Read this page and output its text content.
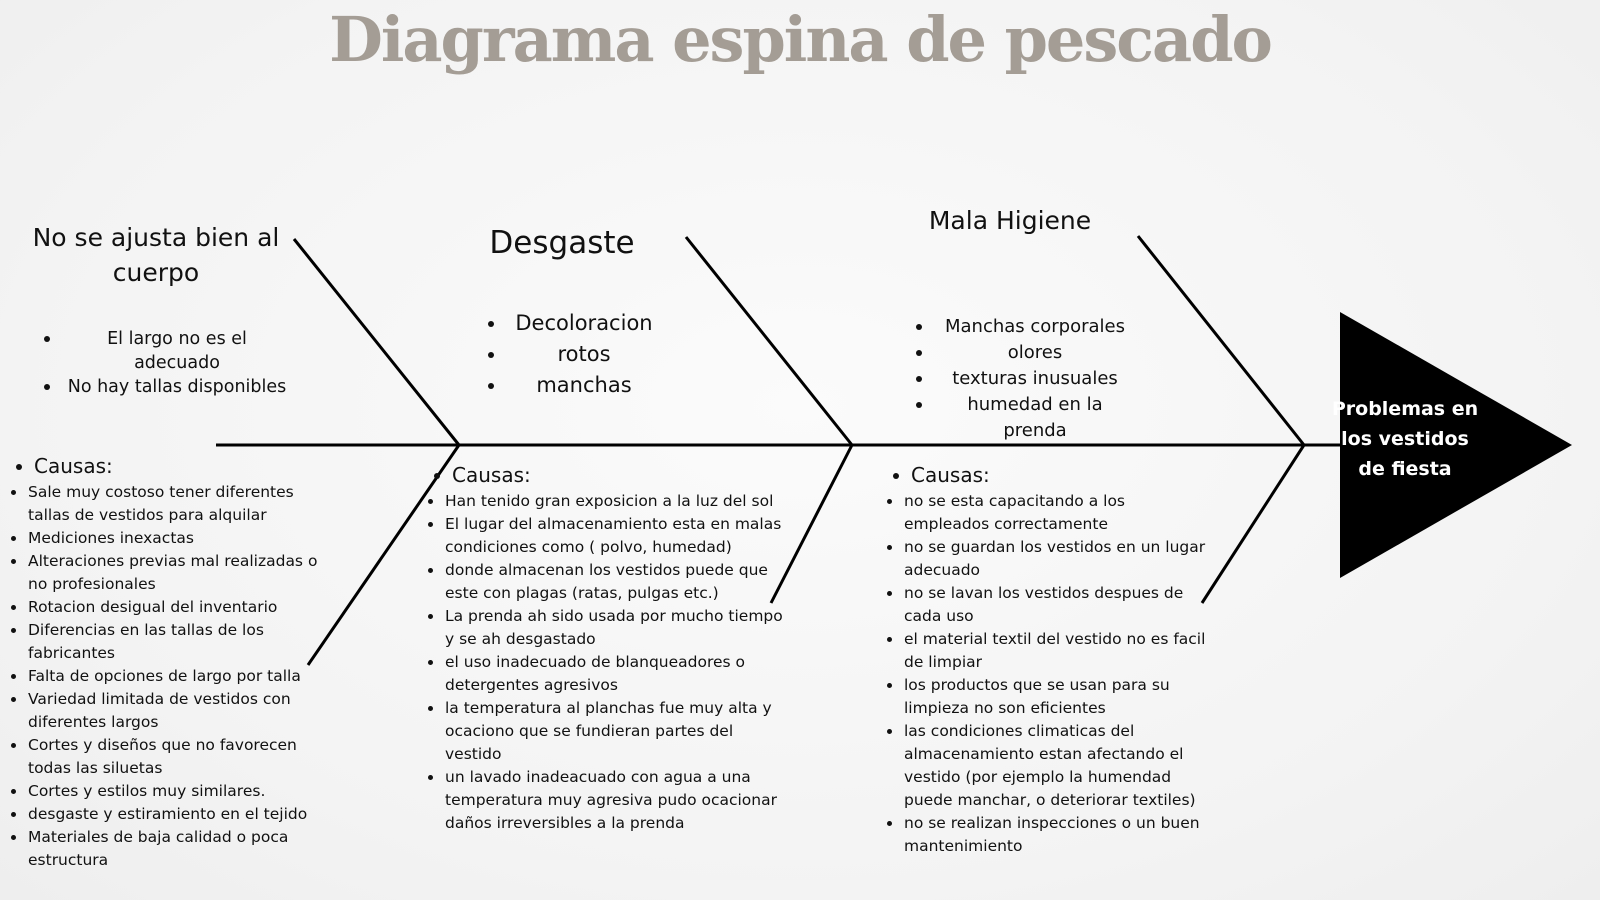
Diagrama espina de pescado
Problemas en los vestidos de fiesta
No se ajusta bien al cuerpo
El largo no es el adecuado
No hay tallas disponibles
Causas:
Sale muy costoso tener diferentes tallas de vestidos para alquilar
Mediciones inexactas
Alteraciones previas mal realizadas o no profesionales
Rotacion desigual del inventario
Diferencias en las tallas de los fabricantes
Falta de opciones de largo por talla
Variedad limitada de vestidos con diferentes largos
Cortes y diseños que no favorecen todas las siluetas
Cortes y estilos muy similares.
desgaste y estiramiento en el tejido
Materiales de baja calidad o poca estructura
Desgaste
Decoloracion
rotos
manchas
Causas:
Han tenido gran exposicion a la luz del sol
El lugar del almacenamiento esta en malas condiciones como ( polvo, humedad)
donde almacenan los vestidos puede que este con plagas (ratas, pulgas etc.)
La prenda ah sido usada por mucho tiempo y se ah desgastado
el uso inadecuado de blanqueadores o detergentes agresivos
la temperatura al planchas fue muy alta y ocaciono que se fundieran partes del vestido
un lavado inadeacuado con agua a una temperatura muy agresiva pudo ocacionar daños irreversibles a la prenda
Mala Higiene
Manchas corporales
olores
texturas inusuales
humedad en la prenda
Causas:
no se esta capacitando a los empleados correctamente
no se guardan los vestidos en un lugar adecuado
no se lavan los vestidos despues de cada uso
el material textil del vestido no es facil de limpiar
los productos que se usan para su limpieza no son eficientes
las condiciones climaticas del almacenamiento estan afectando el vestido (por ejemplo la humendad puede manchar, o deteriorar textiles)
no se realizan inspecciones o un buen mantenimiento
